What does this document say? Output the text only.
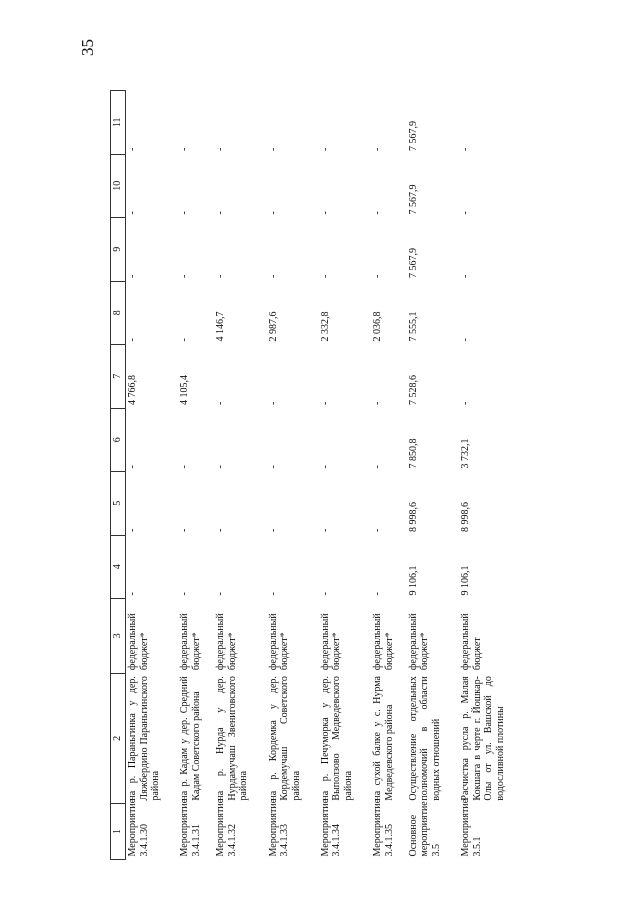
35
1	2	3	4	5	6	7	8	9	10	11
Мероприятие 3.4.1.30	на р. Параньгинка у дер. Ляжбердино Параньгинского района	федеральный бюджет*	-	-	-	4 766,8	-	-	-	-
Мероприятие 3.4.1.31	на р. Кадам у дер. Средний Кадам Советского района	федеральный бюджет*	-	-	-	4 105,4	-	-	-	-
Мероприятие 3.4.1.32	на р. Нурда у дер. Нурдамучаш Звениговского района	федеральный бюджет*	-	-	-	-	4 146,7	-	-	-
Мероприятие 3.4.1.33	на р. Кордемка у дер. Кордемучаш Советского района	федеральный бюджет*	-	-	-	-	2 987,6	-	-	-
Мероприятие 3.4.1.34	на р. Печуморка у дер. Выползово Медведевского района	федеральный бюджет*	-	-	-	-	2 332,8	-	-	-
Мероприятие 3.4.1.35	на сухой балке у с. Нурма Медведевского района	федеральный бюджет*	-	-	-	-	2 036,8	-	-	-
Основное мероприятие 3.5	Осуществление отдельных полномочий в области водных отношений	федеральный бюджет*	9 106,1	8 998,6	7 850,8	7 528,6	7 555,1	7 567,9	7 567,9	7 567,9
Мероприятие 3.5.1	Расчистка русла р. Малая Кокшага в черте г. Йошкар-Олы от ул. Вашской до водосливной плотины	федеральный бюджет	9 106,1	8 998,6	3 732,1	-	-	-	-	-
